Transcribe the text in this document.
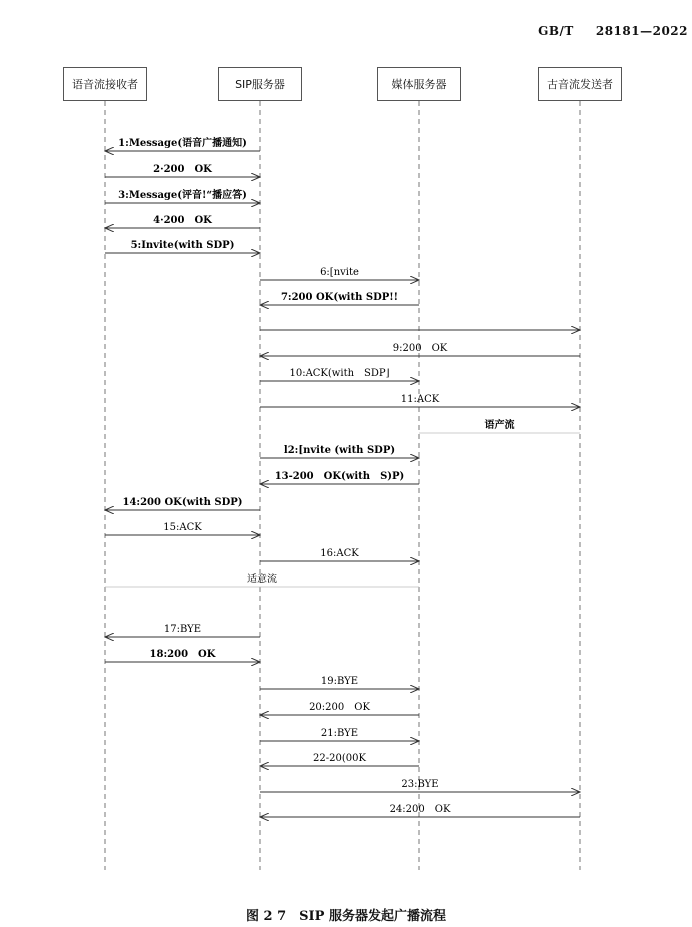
GB/T 28181—2022
1:Message(语音广播通知)
2·200　OK
3:Message(评音!“播应答)
4·200　OK
5:Invite(with SDP)
6:[nvite
7:200 OK(with SDP!!
9:200　OK
10:ACK(with　SDP⌋
11:ACK
语产流
l2:[nvite (with SDP)
13-200　OK(with　S)P)
14:200 OK(with SDP)
15:ACK
16:ACK
适意流
17:BYE
18:200　OK
19:BYE
20:200　OK
21:BYE
22-20(00K
23:BYE
24:200　OK
语音流接收者	SIP服务器	媒体服务器	古音流发送者
图 2 7　SIP 服务器发起广播流程
